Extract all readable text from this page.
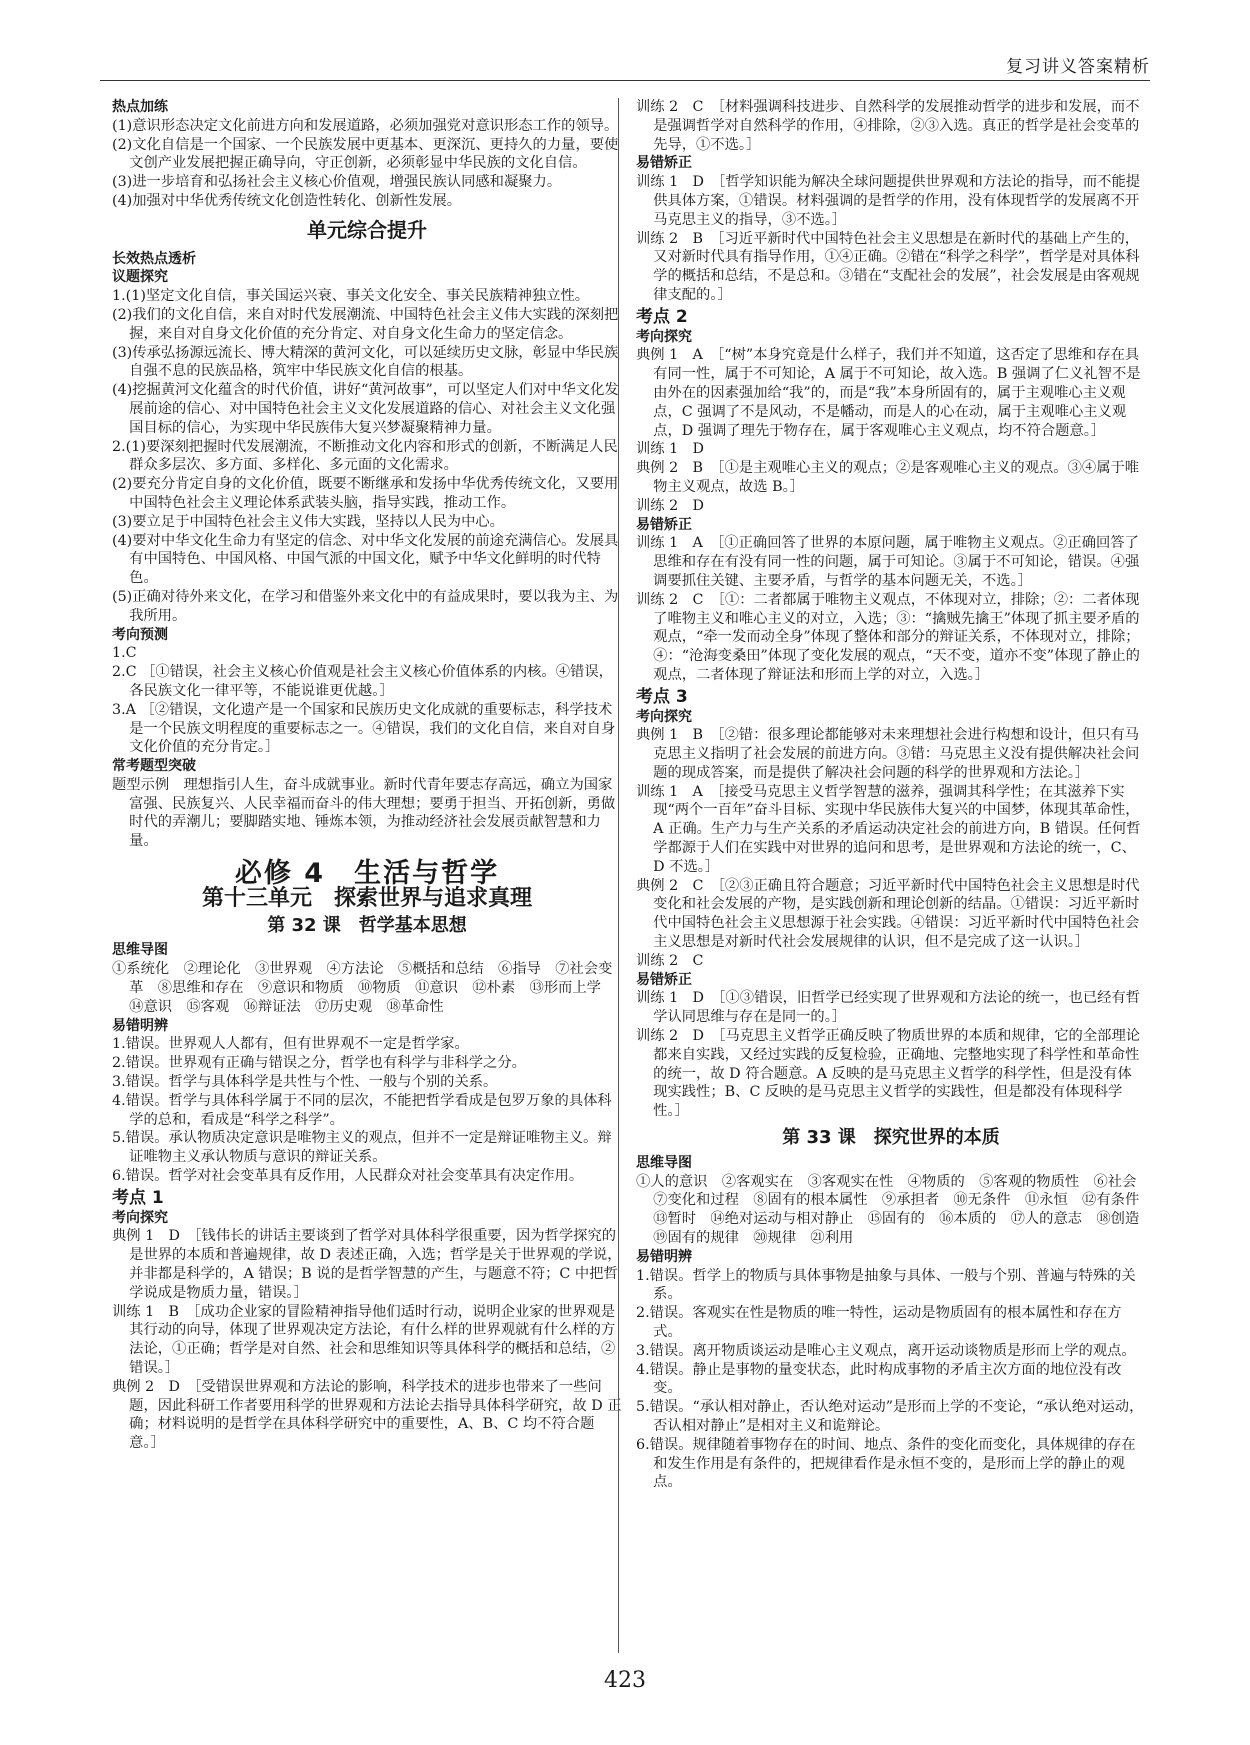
复习讲义答案精析
热点加练
(1)意识形态决定文化前进方向和发展道路，必须加强党对意识形态工作的领导。
(2)文化自信是一个国家、一个民族发展中更基本、更深沉、更持久的力量，要使文创产业发展把握正确导向，守正创新，必须彰显中华民族的文化自信。
(3)进一步培育和弘扬社会主义核心价值观，增强民族认同感和凝聚力。
(4)加强对中华优秀传统文化创造性转化、创新性发展。
单元综合提升
长效热点透析
议题探究
1.(1)坚定文化自信，事关国运兴衰、事关文化安全、事关民族精神独立性。
(2)我们的文化自信，来自对时代发展潮流、中国特色社会主义伟大实践的深刻把握，来自对自身文化价值的充分肯定、对自身文化生命力的坚定信念。
(3)传承弘扬源远流长、博大精深的黄河文化，可以延续历史文脉，彰显中华民族自强不息的民族品格，筑牢中华民族文化自信的根基。
(4)挖掘黄河文化蕴含的时代价值，讲好“黄河故事”，可以坚定人们对中华文化发展前途的信心、对中国特色社会主义文化发展道路的信心、对社会主义文化强国目标的信心，为实现中华民族伟大复兴梦凝聚精神力量。
2.(1)要深刻把握时代发展潮流，不断推动文化内容和形式的创新，不断满足人民群众多层次、多方面、多样化、多元面的文化需求。
(2)要充分肯定自身的文化价值，既要不断继承和发扬中华优秀传统文化，又要用中国特色社会主义理论体系武装头脑，指导实践，推动工作。
(3)要立足于中国特色社会主义伟大实践，坚持以人民为中心。
(4)要对中华文化生命力有坚定的信念、对中华文化发展的前途充满信心。发展具有中国特色、中国风格、中国气派的中国文化，赋予中华文化鲜明的时代特色。
(5)正确对待外来文化，在学习和借鉴外来文化中的有益成果时，要以我为主、为我所用。
考向预测
1.C
2.C ［①错误，社会主义核心价值观是社会主义核心价值体系的内核。④错误，各民族文化一律平等，不能说谁更优越。］
3.A ［②错误，文化遗产是一个国家和民族历史文化成就的重要标志，科学技术是一个民族文明程度的重要标志之一。④错误，我们的文化自信，来自对自身文化价值的充分肯定。］
常考题型突破
题型示例　理想指引人生，奋斗成就事业。新时代青年要志存高远，确立为国家富强、民族复兴、人民幸福而奋斗的伟大理想；要勇于担当、开拓创新，勇做时代的弄潮儿；要脚踏实地、锤炼本领，为推动经济社会发展贡献智慧和力量。
必修 4　生活与哲学
第十三单元　探索世界与追求真理
第 32 课　哲学基本思想
思维导图
①系统化　②理论化　③世界观　④方法论　⑤概括和总结　⑥指导　⑦社会变革　⑧思维和存在　⑨意识和物质　⑩物质　⑪意识　⑫朴素　⑬形而上学　⑭意识　⑮客观　⑯辩证法　⑰历史观　⑱革命性
易错明辨
1.错误。世界观人人都有，但有世界观不一定是哲学家。
2.错误。世界观有正确与错误之分，哲学也有科学与非科学之分。
3.错误。哲学与具体科学是共性与个性、一般与个别的关系。
4.错误。哲学与具体科学属于不同的层次，不能把哲学看成是包罗万象的具体科学的总和，看成是“科学之科学”。
5.错误。承认物质决定意识是唯物主义的观点，但并不一定是辩证唯物主义。辩证唯物主义承认物质与意识的辩证关系。
6.错误。哲学对社会变革具有反作用，人民群众对社会变革具有决定作用。
考点 1
考向探究
典例 1　D　［钱伟长的讲话主要谈到了哲学对具体科学很重要，因为哲学探究的是世界的本质和普遍规律，故 D 表述正确，入选；哲学是关于世界观的学说，并非都是科学的，A 错误；B 说的是哲学智慧的产生，与题意不符；C 中把哲学说成是物质力量，错误。］
训练 1　B　［成功企业家的冒险精神指导他们适时行动，说明企业家的世界观是其行动的向导，体现了世界观决定方法论，有什么样的世界观就有什么样的方法论，①正确；哲学是对自然、社会和思维知识等具体科学的概括和总结，②错误。］
典例 2　D　［受错误世界观和方法论的影响，科学技术的进步也带来了一些问题，因此科研工作者要用科学的世界观和方法论去指导具体科学研究，故 D 正确；材料说明的是哲学在具体科学研究中的重要性，A、B、C 均不符合题意。］
训练 2　C　［材料强调科技进步、自然科学的发展推动哲学的进步和发展，而不是强调哲学对自然科学的作用，④排除，②③入选。真正的哲学是社会变革的先导，①不选。］
易错矫正
训练 1　D　［哲学知识能为解决全球问题提供世界观和方法论的指导，而不能提供具体方案，①错误。材料强调的是哲学的作用，没有体现哲学的发展离不开马克思主义的指导，③不选。］
训练 2　B　［习近平新时代中国特色社会主义思想是在新时代的基础上产生的，又对新时代具有指导作用，①④正确。②错在“科学之科学”，哲学是对具体科学的概括和总结，不是总和。③错在“支配社会的发展”，社会发展是由客观规律支配的。］
考点 2
考向探究
典例 1　A　［“树”本身究竟是什么样子，我们并不知道，这否定了思维和存在具有同一性，属于不可知论，A 属于不可知论，故入选。B 强调了仁义礼智不是由外在的因素强加给“我”的，而是“我”本身所固有的，属于主观唯心主义观点，C 强调了不是风动，不是幡动，而是人的心在动，属于主观唯心主义观点，D 强调了理先于物存在，属于客观唯心主义观点，均不符合题意。］
训练 1　D
典例 2　B　［①是主观唯心主义的观点；②是客观唯心主义的观点。③④属于唯物主义观点，故选 B。］
训练 2　D
易错矫正
训练 1　A　［①正确回答了世界的本原问题，属于唯物主义观点。②正确回答了思维和存在有没有同一性的问题，属于可知论。③属于不可知论，错误。④强调要抓住关键、主要矛盾，与哲学的基本问题无关，不选。］
训练 2　C　［①：二者都属于唯物主义观点，不体现对立，排除；②：二者体现了唯物主义和唯心主义的对立，入选；③：“擒贼先擒王”体现了抓主要矛盾的观点，“牵一发而动全身”体现了整体和部分的辩证关系，不体现对立，排除；④：“沧海变桑田”体现了变化发展的观点，“天不变，道亦不变”体现了静止的观点，二者体现了辩证法和形而上学的对立，入选。］
考点 3
考向探究
典例 1　B　［②错：很多理论都能够对未来理想社会进行构想和设计，但只有马克思主义指明了社会发展的前进方向。③错：马克思主义没有提供解决社会问题的现成答案，而是提供了解决社会问题的科学的世界观和方法论。］
训练 1　A　［接受马克思主义哲学智慧的滋养，强调其科学性；在其滋养下实现“两个一百年”奋斗目标、实现中华民族伟大复兴的中国梦，体现其革命性，A 正确。生产力与生产关系的矛盾运动决定社会的前进方向，B 错误。任何哲学都源于人们在实践中对世界的追问和思考，是世界观和方法论的统一，C、D 不选。］
典例 2　C　［②③正确且符合题意；习近平新时代中国特色社会主义思想是时代变化和社会发展的产物，是实践创新和理论创新的结晶。①错误：习近平新时代中国特色社会主义思想源于社会实践。④错误：习近平新时代中国特色社会主义思想是对新时代社会发展规律的认识，但不是完成了这一认识。］
训练 2　C
易错矫正
训练 1　D　［①③错误，旧哲学已经实现了世界观和方法论的统一，也已经有哲学认同思维与存在是同一的。］
训练 2　D　［马克思主义哲学正确反映了物质世界的本质和规律，它的全部理论都来自实践，又经过实践的反复检验，正确地、完整地实现了科学性和革命性的统一，故 D 符合题意。A 反映的是马克思主义哲学的科学性，但是没有体现实践性；B、C 反映的是马克思主义哲学的实践性，但是都没有体现科学性。］
第 33 课　探究世界的本质
思维导图
①人的意识　②客观实在　③客观实在性　④物质的　⑤客观的物质性　⑥社会　⑦变化和过程　⑧固有的根本属性　⑨承担者　⑩无条件　⑪永恒　⑫有条件　⑬暂时　⑭绝对运动与相对静止　⑮固有的　⑯本质的　⑰人的意志　⑱创造　⑲固有的规律　⑳规律　㉑利用
易错明辨
1.错误。哲学上的物质与具体事物是抽象与具体、一般与个别、普遍与特殊的关系。
2.错误。客观实在性是物质的唯一特性，运动是物质固有的根本属性和存在方式。
3.错误。离开物质谈运动是唯心主义观点，离开运动谈物质是形而上学的观点。
4.错误。静止是事物的量变状态，此时构成事物的矛盾主次方面的地位没有改变。
5.错误。“承认相对静止，否认绝对运动”是形而上学的不变论，“承认绝对运动，否认相对静止”是相对主义和诡辩论。
6.错误。规律随着事物存在的时间、地点、条件的变化而变化，具体规律的存在和发生作用是有条件的，把规律看作是永恒不变的，是形而上学的静止的观点。
423
